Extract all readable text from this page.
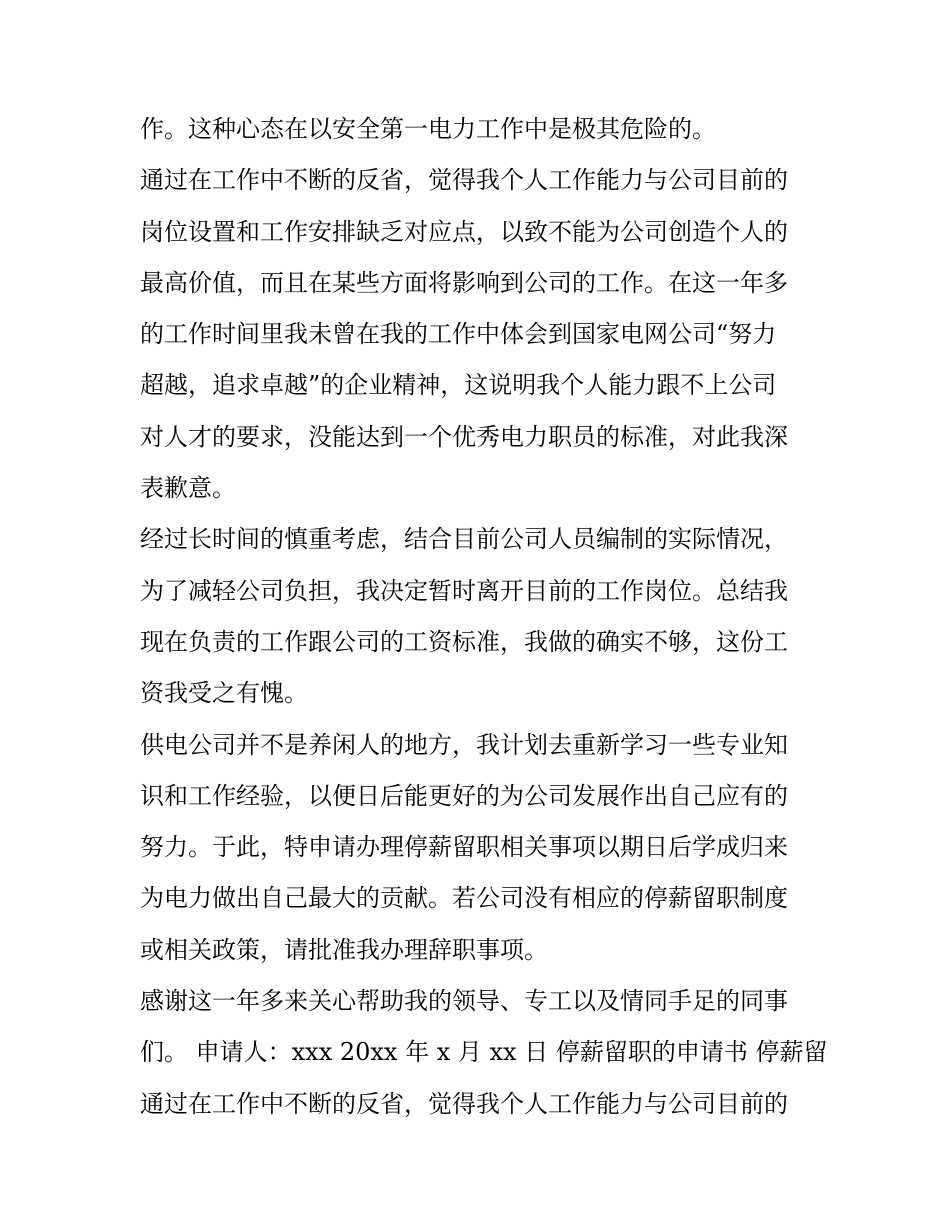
作。这种心态在以安全第一电力工作中是极其危险的。
通过在工作中不断的反省，觉得我个人工作能力与公司目前的
岗位设置和工作安排缺乏对应点，以致不能为公司创造个人的
最高价值，而且在某些方面将影响到公司的工作。在这一年多
的工作时间里我未曾在我的工作中体会到国家电网公司“努力
超越，追求卓越”的企业精神，这说明我个人能力跟不上公司
对人才的要求，没能达到一个优秀电力职员的标准，对此我深
表歉意。
经过长时间的慎重考虑，结合目前公司人员编制的实际情况，
为了减轻公司负担，我决定暂时离开目前的工作岗位。总结我
现在负责的工作跟公司的工资标准，我做的确实不够，这份工
资我受之有愧。
供电公司并不是养闲人的地方，我计划去重新学习一些专业知
识和工作经验，以便日后能更好的为公司发展作出自己应有的
努力。于此，特申请办理停薪留职相关事项以期日后学成归来
为电力做出自己最大的贡献。若公司没有相应的停薪留职制度
或相关政策，请批准我办理辞职事项。
感谢这一年多来关心帮助我的领导、专工以及情同手足的同事
们。 申请人：xxx 20xx 年 x 月 xx 日 停薪留职的申请书 停薪留
通过在工作中不断的反省，觉得我个人工作能力与公司目前的
